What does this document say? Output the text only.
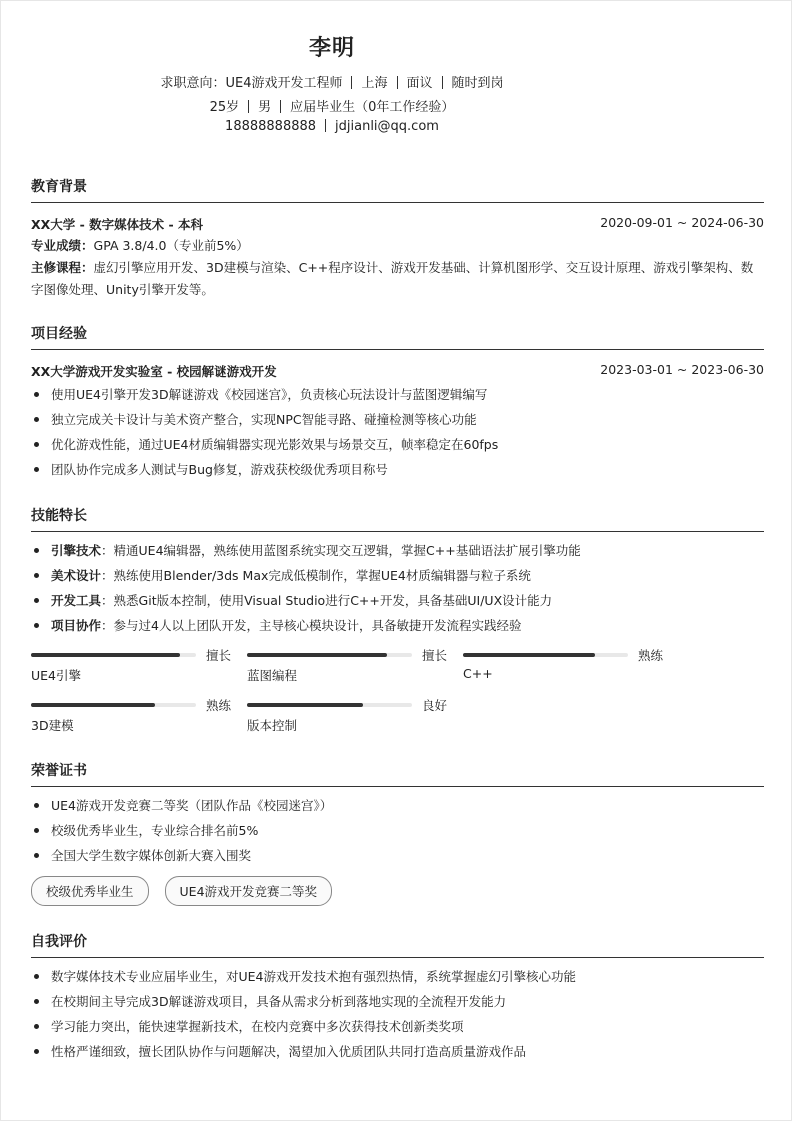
李明
求职意向：UE4游戏开发工程师 上海 面议 随时到岗
25岁 男 应届毕业生（0年工作经验）
18888888888 jdjianli@qq.com
教育背景
XX大学 - 数字媒体技术 - 本科	2020-09-01 ~ 2024-06-30
专业成绩：GPA 3.8/4.0（专业前5%）
主修课程：虚幻引擎应用开发、3D建模与渲染、C++程序设计、游戏开发基础、计算机图形学、交互设计原理、游戏引擎架构、数字图像处理、Unity引擎开发等。
项目经验
XX大学游戏开发实验室 - 校园解谜游戏开发	2023-03-01 ~ 2023-06-30
使用UE4引擎开发3D解谜游戏《校园迷宫》，负责核心玩法设计与蓝图逻辑编写
独立完成关卡设计与美术资产整合，实现NPC智能寻路、碰撞检测等核心功能
优化游戏性能，通过UE4材质编辑器实现光影效果与场景交互，帧率稳定在60fps
团队协作完成多人测试与Bug修复，游戏获校级优秀项目称号
技能特长
引擎技术：精通UE4编辑器，熟练使用蓝图系统实现交互逻辑，掌握C++基础语法扩展引擎功能
美术设计：熟练使用Blender/3ds Max完成低模制作，掌握UE4材质编辑器与粒子系统
开发工具：熟悉Git版本控制，使用Visual Studio进行C++开发，具备基础UI/UX设计能力
项目协作：参与过4人以上团队开发，主导核心模块设计，具备敏捷开发流程实践经验
擅长
UE4引擎
擅长
蓝图编程
熟练
C++
熟练
3D建模
良好
版本控制
荣誉证书
UE4游戏开发竞赛二等奖（团队作品《校园迷宫》）
校级优秀毕业生，专业综合排名前5%
全国大学生数字媒体创新大赛入围奖
校级优秀毕业生	UE4游戏开发竞赛二等奖
自我评价
数字媒体技术专业应届毕业生，对UE4游戏开发技术抱有强烈热情，系统掌握虚幻引擎核心功能
在校期间主导完成3D解谜游戏项目，具备从需求分析到落地实现的全流程开发能力
学习能力突出，能快速掌握新技术，在校内竞赛中多次获得技术创新类奖项
性格严谨细致，擅长团队协作与问题解决，渴望加入优质团队共同打造高质量游戏作品
